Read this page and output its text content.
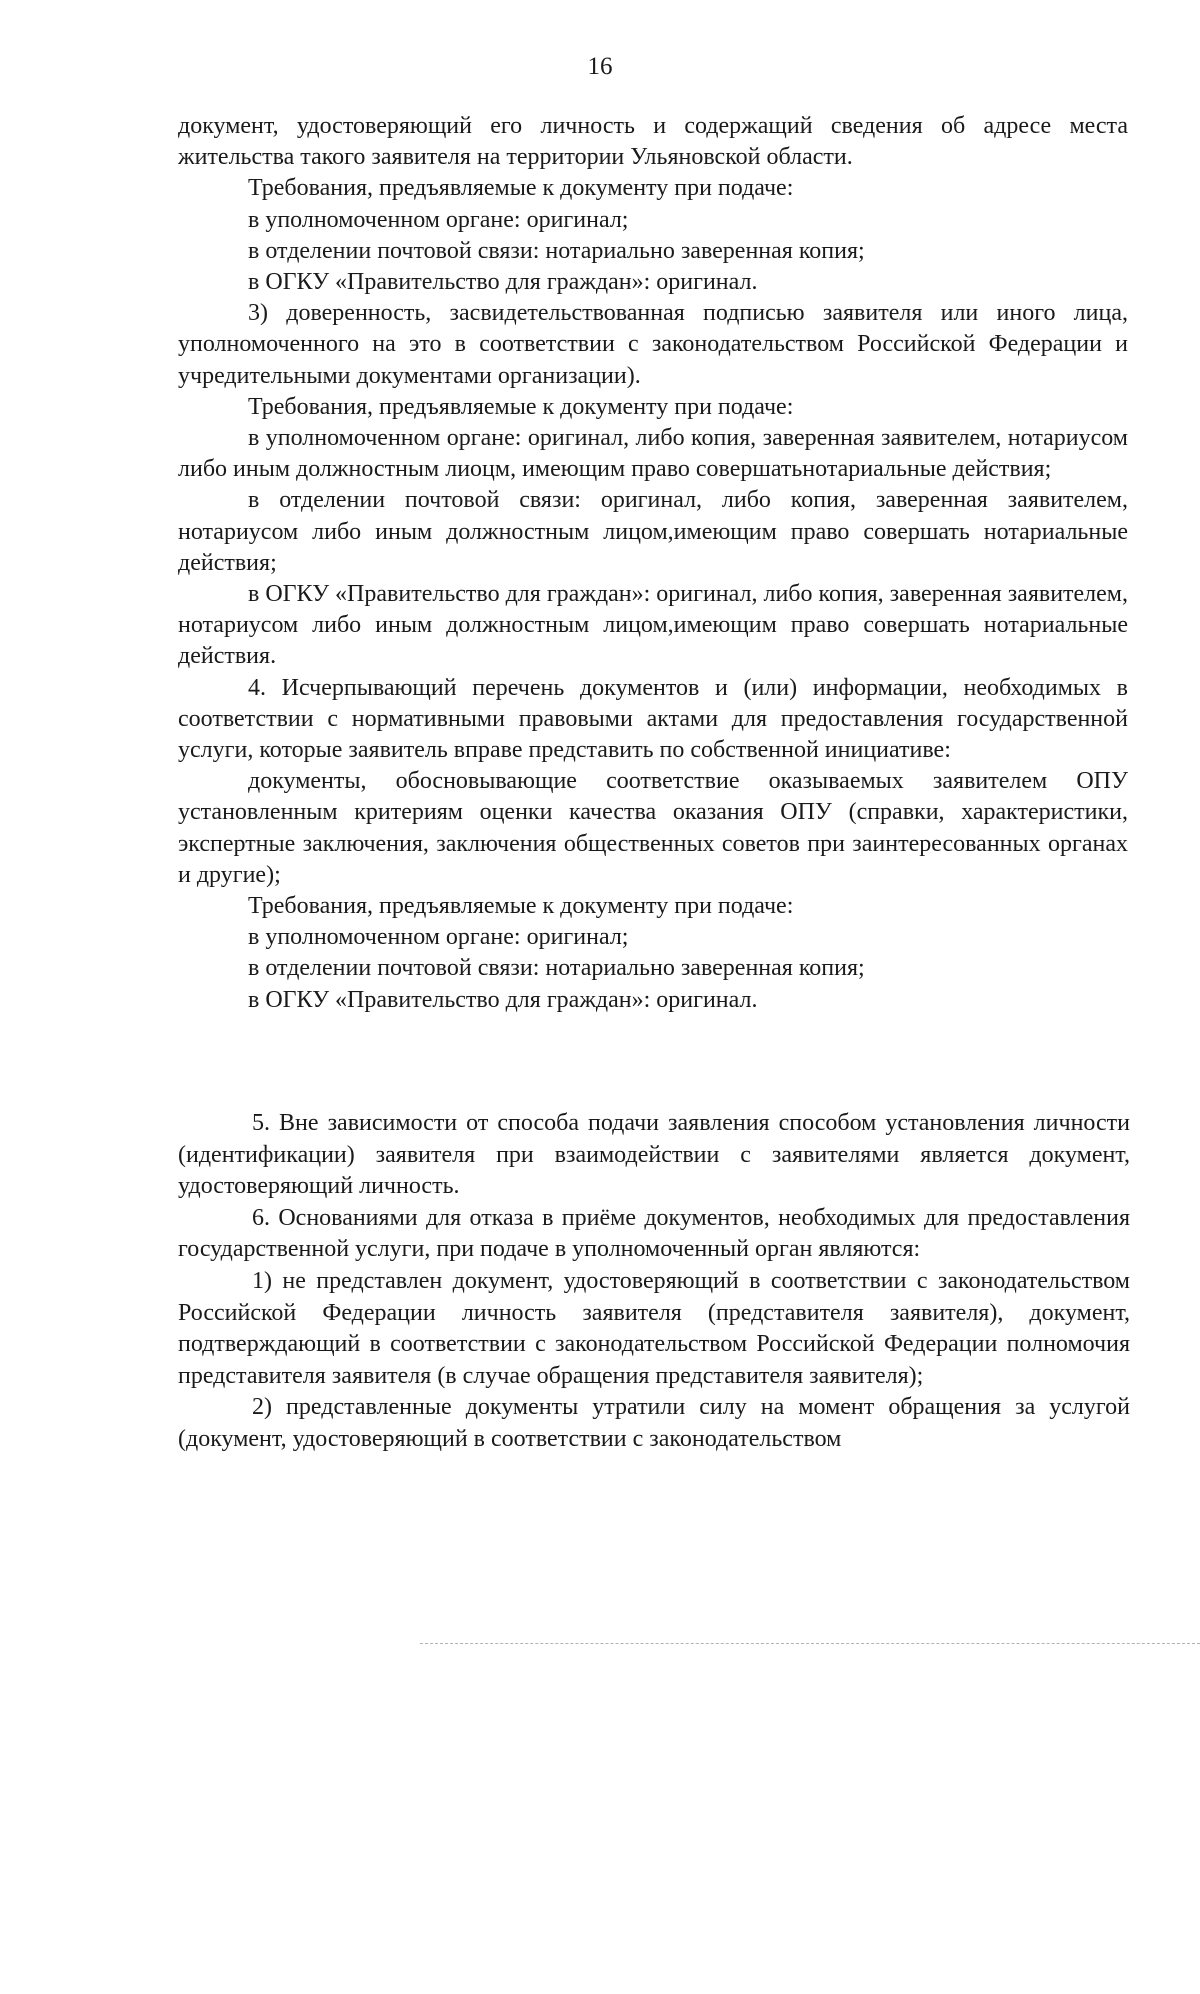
16

документ, удостоверяющий его личность и содержащий сведения об адресе места жительства такого заявителя на территории Ульяновской области.

Требования, предъявляемые к документу при подаче:

в уполномоченном органе: оригинал;

в отделении почтовой связи: нотариально заверенная копия;

в ОГКУ «Правительство для граждан»: оригинал.

3) доверенность, засвидетельствованная подписью заявителя или иного лица, уполномоченного на это в соответствии с законодательством Российской Федерации и учредительными документами организации).

Требования, предъявляемые к документу при подаче:

в уполномоченном органе: оригинал, либо копия, заверенная заявителем, нотариусом либо иным должностным лиоцм, имеющим право совершатьнотариальные действия;

в отделении почтовой связи: оригинал, либо копия, заверенная заявителем, нотариусом либо иным должностным лицом,имеющим право совершать нотариальные действия;

в ОГКУ «Правительство для граждан»: оригинал, либо копия, заверенная заявителем, нотариусом либо иным должностным лицом,имеющим право совершать нотариальные действия.

4. Исчерпывающий перечень документов и (или) информации, необходимых в соответствии с нормативными правовыми актами для предоставления государственной услуги, которые заявитель вправе представить по собственной инициативе:

документы, обосновывающие соответствие оказываемых заявителем ОПУ установленным критериям оценки качества оказания ОПУ (справки, характеристики, экспертные заключения, заключения общественных советов при заинтересованных органах и другие);

Требования, предъявляемые к документу при подаче:

в уполномоченном органе: оригинал;

в отделении почтовой связи: нотариально заверенная копия;

в ОГКУ «Правительство для граждан»: оригинал.

5. Вне зависимости от способа подачи заявления способом установления личности (идентификации) заявителя при взаимодействии с заявителями является документ, удостоверяющий личность.

6. Основаниями для отказа в приёме документов, необходимых для предоставления государственной услуги, при подаче в уполномоченный орган являются:

1) не представлен документ, удостоверяющий в соответствии с законодательством Российской Федерации личность заявителя (представителя заявителя), документ, подтверждающий в соответствии с законодательством Российской Федерации полномочия представителя заявителя (в случае обращения представителя заявителя);

2) представленные документы утратили силу на момент обращения за услугой (документ, удостоверяющий в соответствии с законодательством
